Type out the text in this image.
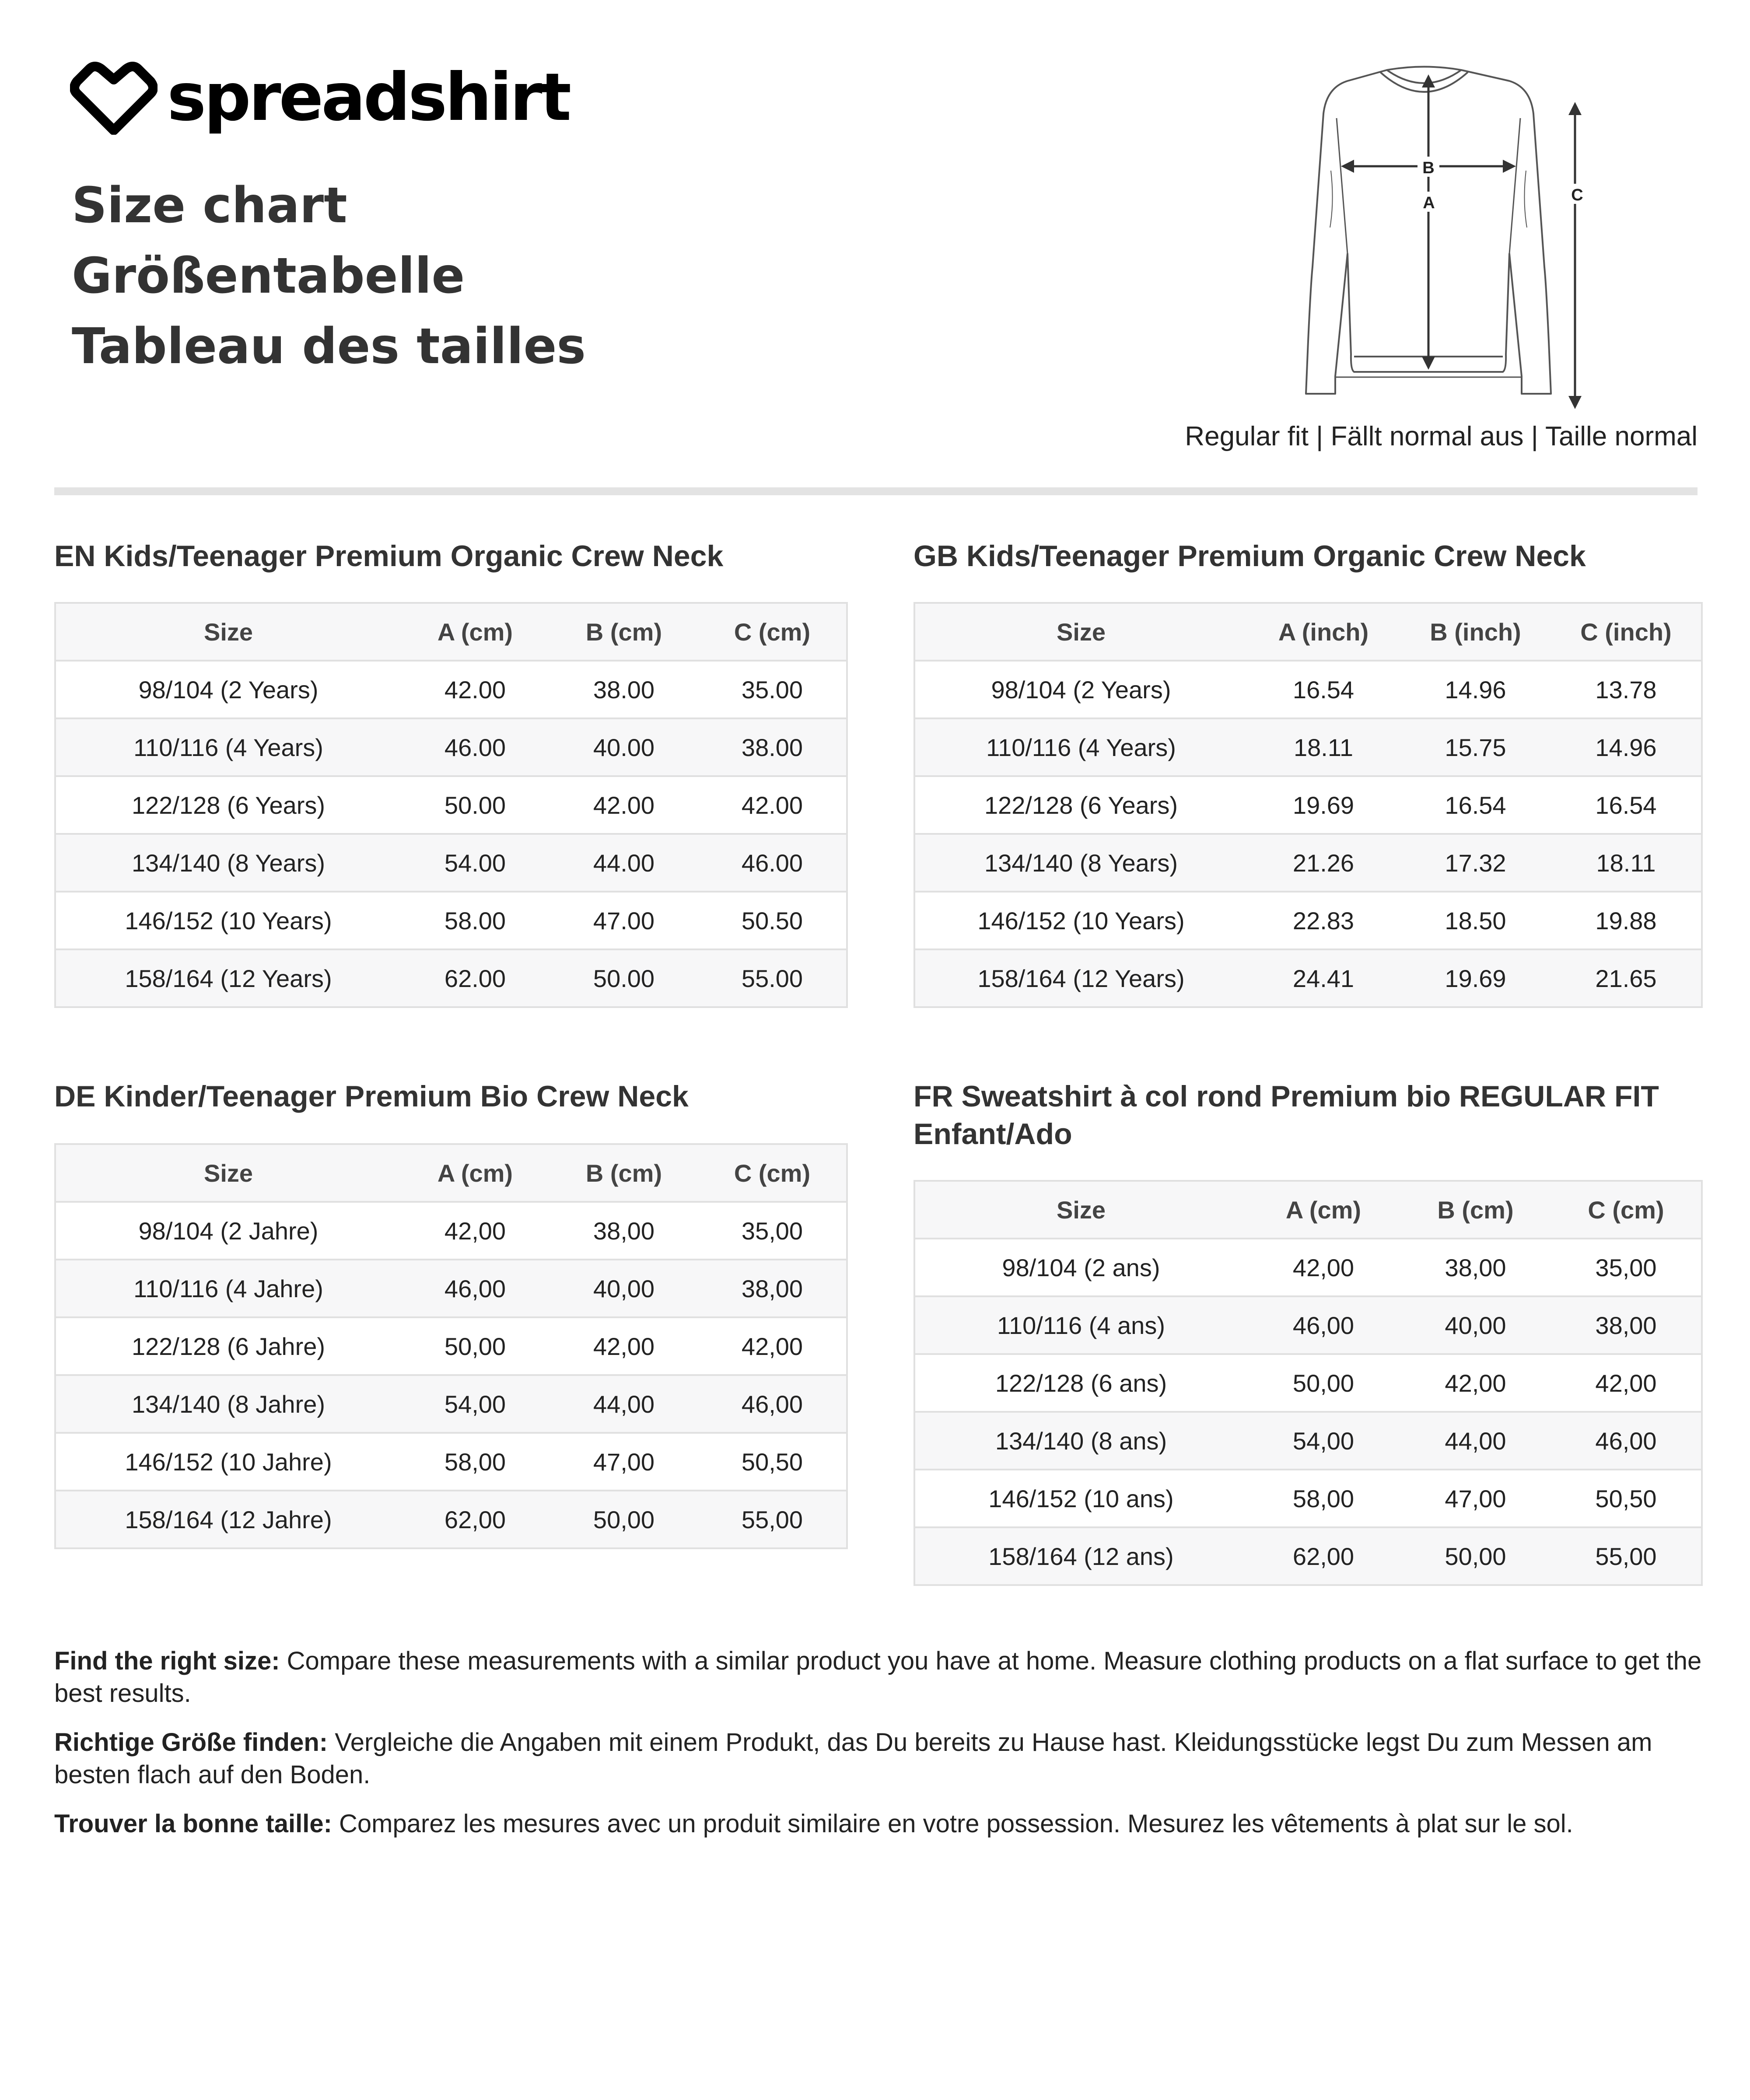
spreadshirt
Size chart
Größentabelle
Tableau des tailles
B
A	C
Regular fit | Fällt normal aus | Taille normal
EN Kids/Teenager Premium Organic Crew Neck
Size	A (cm)	B (cm)	C (cm)
98/104 (2 Years)	42.00	38.00	35.00
110/116 (4 Years)	46.00	40.00	38.00
122/128 (6 Years)	50.00	42.00	42.00
134/140 (8 Years)	54.00	44.00	46.00
146/152 (10 Years)	58.00	47.00	50.50
158/164 (12 Years)	62.00	50.00	55.00
GB Kids/Teenager Premium Organic Crew Neck
Size	A (inch)	B (inch)	C (inch)
98/104 (2 Years)	16.54	14.96	13.78
110/116 (4 Years)	18.11	15.75	14.96
122/128 (6 Years)	19.69	16.54	16.54
134/140 (8 Years)	21.26	17.32	18.11
146/152 (10 Years)	22.83	18.50	19.88
158/164 (12 Years)	24.41	19.69	21.65
DE Kinder/Teenager Premium Bio Crew Neck
Size	A (cm)	B (cm)	C (cm)
98/104 (2 Jahre)	42,00	38,00	35,00
110/116 (4 Jahre)	46,00	40,00	38,00
122/128 (6 Jahre)	50,00	42,00	42,00
134/140 (8 Jahre)	54,00	44,00	46,00
146/152 (10 Jahre)	58,00	47,00	50,50
158/164 (12 Jahre)	62,00	50,00	55,00
FR Sweatshirt à col rond Premium bio REGULAR FIT Enfant/Ado
Size	A (cm)	B (cm)	C (cm)
98/104 (2 ans)	42,00	38,00	35,00
110/116 (4 ans)	46,00	40,00	38,00
122/128 (6 ans)	50,00	42,00	42,00
134/140 (8 ans)	54,00	44,00	46,00
146/152 (10 ans)	58,00	47,00	50,50
158/164 (12 ans)	62,00	50,00	55,00

Find the right size: Compare these measurements with a similar product you have at home. Measure clothing products on a flat surface to get the best results.

Richtige Größe finden: Vergleiche die Angaben mit einem Produkt, das Du bereits zu Hause hast. Kleidungsstücke legst Du zum Messen am besten flach auf den Boden.

Trouver la bonne taille: Comparez les mesures avec un produit similaire en votre possession. Mesurez les vêtements à plat sur le sol.
